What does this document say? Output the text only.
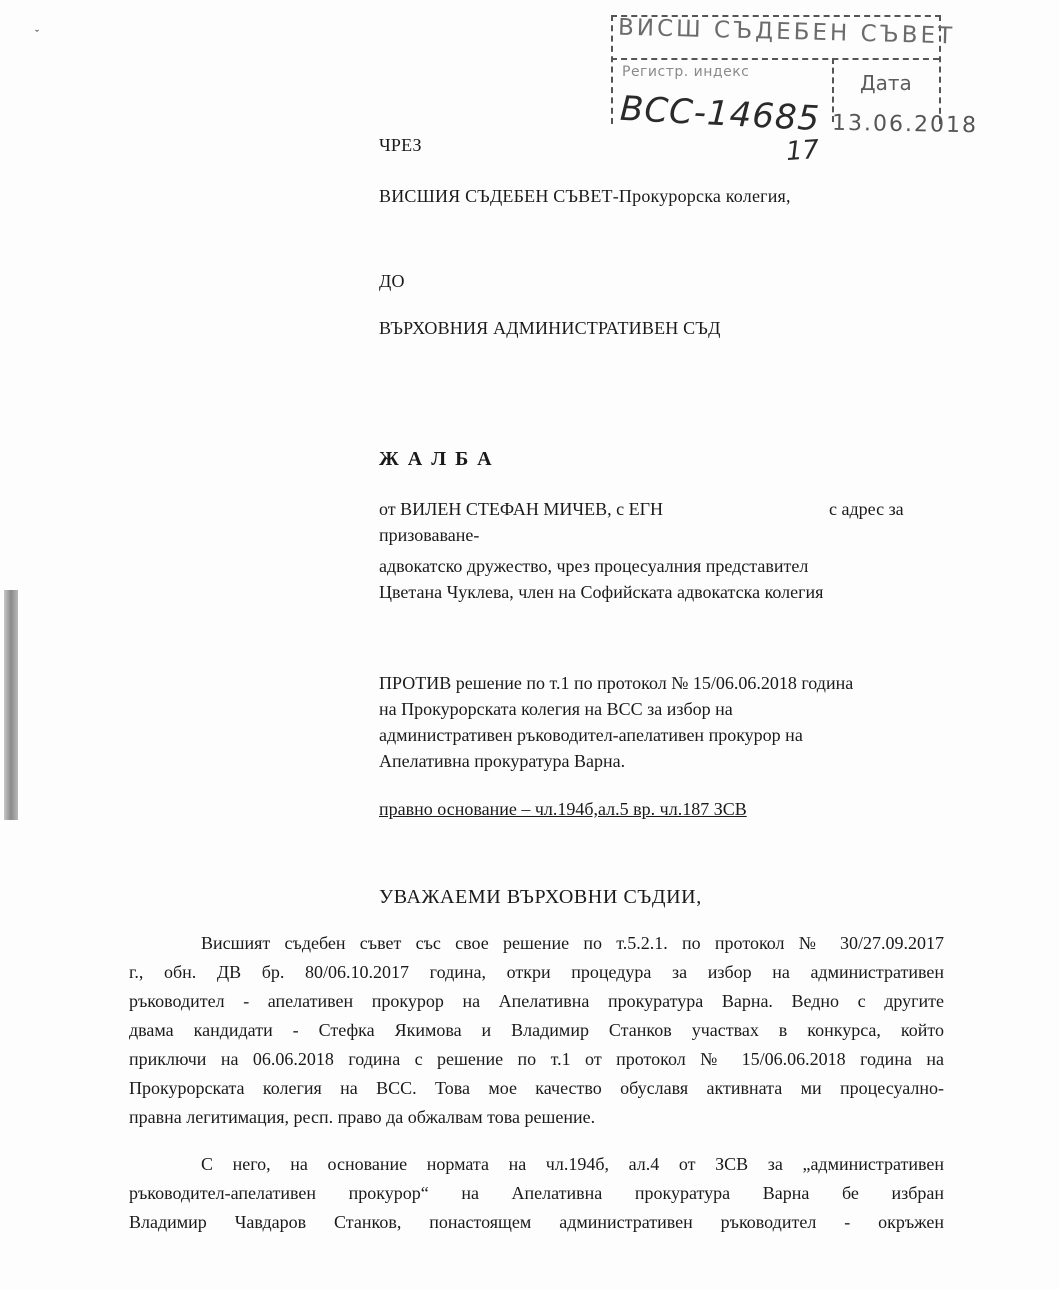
ˇ	ВИСШ СЪДЕБЕН СЪВЕТ
Регистр. индекс	Дата
ВСС-14685 13.06.2018
17
ЧРЕЗ
ВИСШИЯ СЪДЕБЕН СЪВЕТ-Прокурорска колегия,
ДО
ВЪРХОВНИЯ АДМИНИСТРАТИВЕН СЪД
ЖАЛБА
от ВИЛЕН СТЕФАН МИЧЕВ, с ЕГН	с адрес за
призоваване-
адвокатско дружество, чрез процесуалния представител
Цветана Чуклева, член на Софийската адвокатска колегия
ПРОТИВ решение по т.1 по протокол № 15/06.06.2018 година
на Прокурорската колегия на ВСС за избор на
административен ръководител-апелативен прокурор на
Апелативна прокуратура Варна.
правно основание – чл.194б,ал.5 вр. чл.187 ЗСВ
УВАЖАЕМИ ВЪРХОВНИ СЪДИИ,
Висшият съдебен съвет със свое решение по т.5.2.1. по протокол № 30/27.09.2017
г., обн. ДВ бр. 80/06.10.2017 година, откри процедура за избор на административен
ръководител - апелативен прокурор на Апелативна прокуратура Варна. Ведно с другите
двама кандидати - Стефка Якимова и Владимир Станков участвах в конкурса, който
приключи на 06.06.2018 година с решение по т.1 от протокол № 15/06.06.2018 година на
Прокурорската колегия на ВСС. Това мое качество обуславя активната ми процесуално-
правна легитимация, респ. право да обжалвам това решение.
С него, на основание нормата на чл.194б, ал.4 от ЗСВ за „административен
ръководител-апелативен прокурор“ на Апелативна прокуратура Варна бе избран
Владимир Чавдаров Станков, понастоящем административен ръководител - окръжен
